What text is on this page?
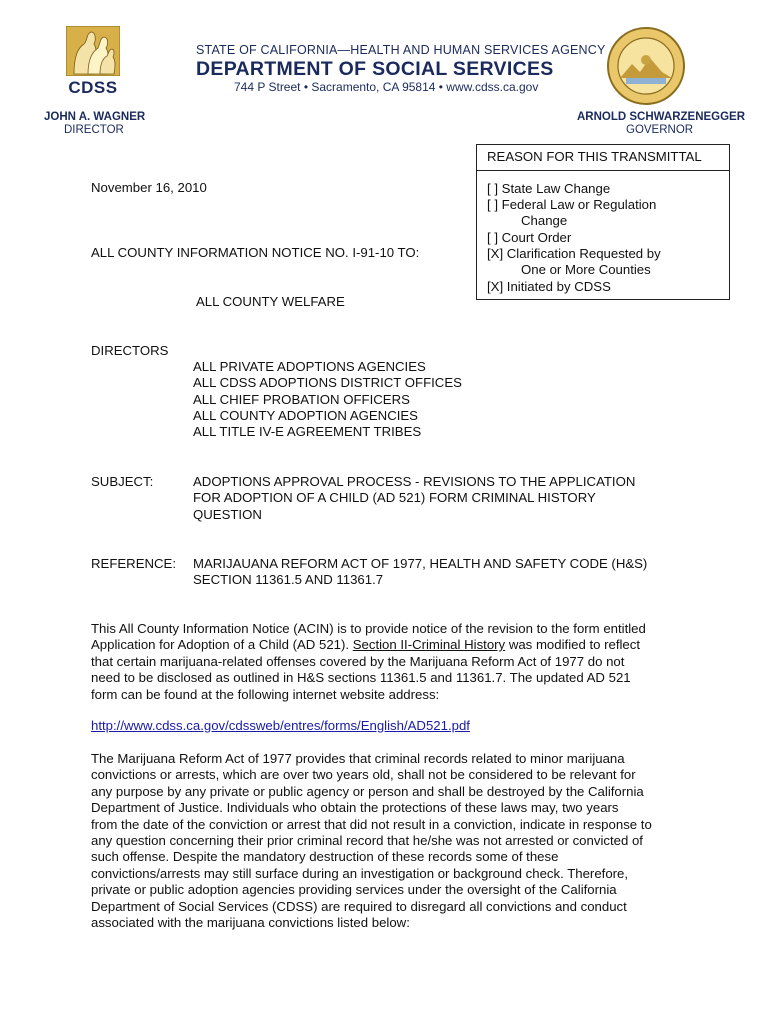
CDSS
STATE OF CALIFORNIA—HEALTH AND HUMAN SERVICES AGENCY
DEPARTMENT OF SOCIAL SERVICES
744 P Street • Sacramento, CA 95814 • www.cdss.ca.gov
JOHN A. WAGNER
DIRECTOR
ARNOLD SCHWARZENEGGER
GOVERNOR
REASON FOR THIS TRANSMITTAL
[ ] State Law Change
[ ] Federal Law or Regulation
Change
[ ] Court Order
[X] Clarification Requested by
One or More Counties
[X] Initiated by CDSS
November 16, 2010
ALL COUNTY INFORMATION NOTICE NO. I-91-10 TO:
ALL COUNTY WELFARE
DIRECTORS
ALL PRIVATE ADOPTIONS AGENCIES
ALL CDSS ADOPTIONS DISTRICT OFFICES
ALL CHIEF PROBATION OFFICERS
ALL COUNTY ADOPTION AGENCIES
ALL TITLE IV-E AGREEMENT TRIBES
SUBJECT:	ADOPTIONS APPROVAL PROCESS - REVISIONS TO THE APPLICATION
FOR ADOPTION OF A CHILD (AD 521) FORM CRIMINAL HISTORY
QUESTION
REFERENCE: MARIJAUANA REFORM ACT OF 1977, HEALTH AND SAFETY CODE (H&S)
SECTION 11361.5 AND 11361.7
This All County Information Notice (ACIN) is to provide notice of the revision to the form entitled
Application for Adoption of a Child (AD 521). Section II-Criminal History was modified to reflect
that certain marijuana-related offenses covered by the Marijuana Reform Act of 1977 do not
need to be disclosed as outlined in H&S sections 11361.5 and 11361.7. The updated AD 521
form can be found at the following internet website address:
http://www.cdss.ca.gov/cdssweb/entres/forms/English/AD521.pdf
The Marijuana Reform Act of 1977 provides that criminal records related to minor marijuana
convictions or arrests, which are over two years old, shall not be considered to be relevant for
any purpose by any private or public agency or person and shall be destroyed by the California
Department of Justice. Individuals who obtain the protections of these laws may, two years
from the date of the conviction or arrest that did not result in a conviction, indicate in response to
any question concerning their prior criminal record that he/she was not arrested or convicted of
such offense. Despite the mandatory destruction of these records some of these
convictions/arrests may still surface during an investigation or background check. Therefore,
private or public adoption agencies providing services under the oversight of the California
Department of Social Services (CDSS) are required to disregard all convictions and conduct
associated with the marijuana convictions listed below:
